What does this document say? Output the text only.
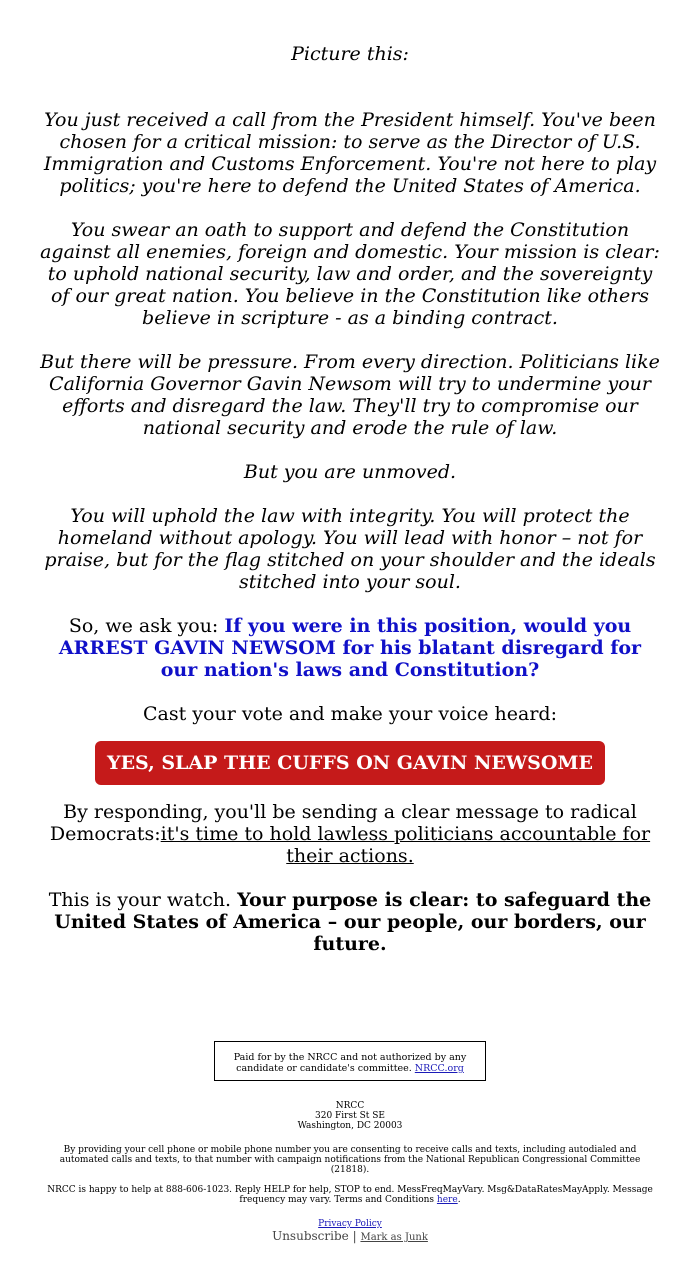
Picture this:

You just received a call from the President himself. You've been chosen for a critical mission: to serve as the Director of U.S. Immigration and Customs Enforcement. You're not here to play politics; you're here to defend the United States of America.

You swear an oath to support and defend the Constitution against all enemies, foreign and domestic. Your mission is clear: to uphold national security, law and order, and the sovereignty of our great nation. You believe in the Constitution like others believe in scripture - as a binding contract.

But there will be pressure. From every direction. Politicians like California Governor Gavin Newsom will try to undermine your efforts and disregard the law. They'll try to compromise our national security and erode the rule of law.

But you are unmoved.

You will uphold the law with integrity. You will protect the homeland without apology. You will lead with honor – not for praise, but for the flag stitched on your shoulder and the ideals stitched into your soul.

So, we ask you: If you were in this position, would you ARREST GAVIN NEWSOM for his blatant disregard for our nation's laws and Constitution?

Cast your vote and make your voice heard:

YES, SLAP THE CUFFS ON GAVIN NEWSOME

By responding, you'll be sending a clear message to radical Democrats:it's time to hold lawless politicians accountable for their actions.

This is your watch. Your purpose is clear: to safeguard the United States of America – our people, our borders, our future.

Paid for by the NRCC and not authorized by any candidate or candidate's committee. NRCC.org

NRCC

320 First St SE

Washington, DC 20003

By providing your cell phone or mobile phone number you are consenting to receive calls and texts, including autodialed and automated calls and texts, to that number with campaign notifications from the National Republican Congressional Committee (21818).

NRCC is happy to help at 888-606-1023. Reply HELP for help, STOP to end. MessFreqMayVary. Msg&DataRatesMayApply. Message frequency may vary. Terms and Conditions here.

Privacy Policy

Unsubscribe | Mark as Junk
